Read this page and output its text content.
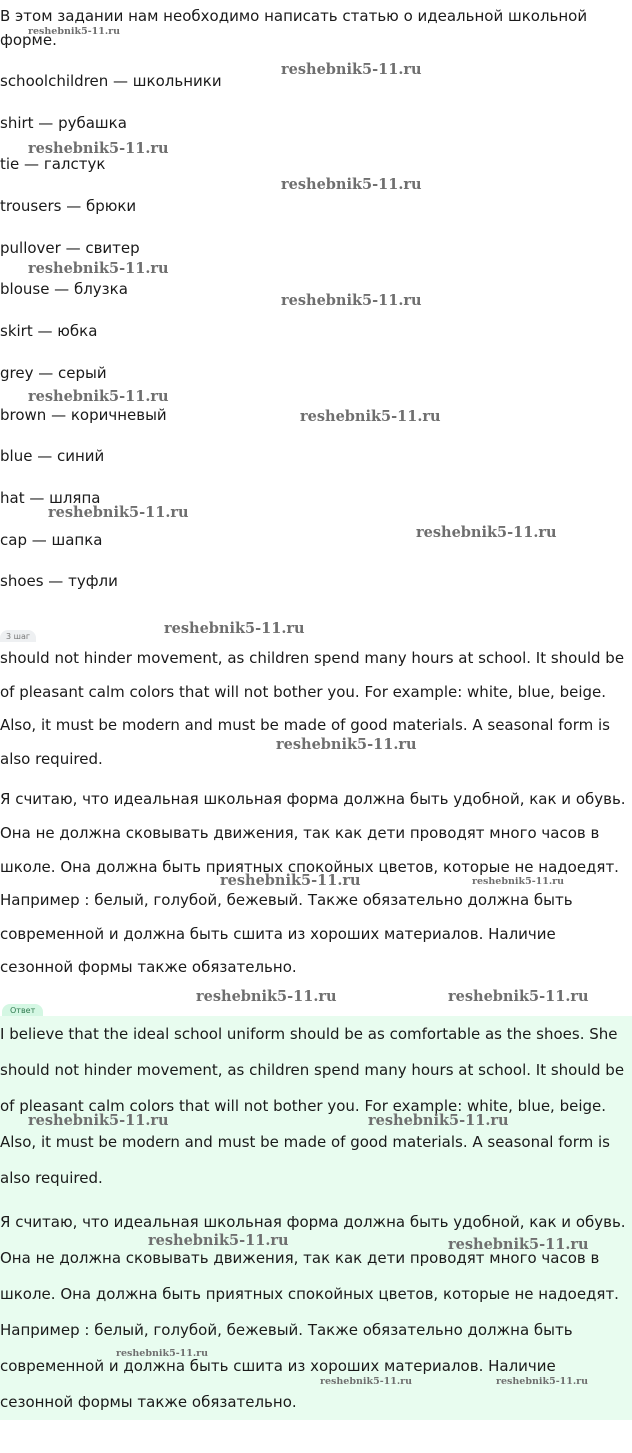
В этом задании нам необходимо написать статью о идеальной школьной форме.
schoolchildren — школьники
shirt — рубашка
tie — галстук
trousers — брюки
pullover — свитер
blouse — блузка
skirt — юбка
grey — серый
brown — коричневый
blue — синий
hat — шляпа
cap — шапка
shoes — туфли
3 шаг

should not hinder movement, as children spend many hours at school. It should be of pleasant calm colors that will not bother you. For example: white, blue, beige. Also, it must be modern and must be made of good materials. A seasonal form is also required.

Я считаю, что идеальная школьная форма должна быть удобной, как и обувь. Она не должна сковывать движения, так как дети проводят много часов в школе. Она должна быть приятных спокойных цветов, которые не надоедят. Например : белый, голубой, бежевый. Также обязательно должна быть современной и должна быть сшита из хороших материалов. Наличие сезонной формы также обязательно.

Ответ

I believe that the ideal school uniform should be as comfortable as the shoes. She should not hinder movement, as children spend many hours at school. It should be of pleasant calm colors that will not bother you. For example: white, blue, beige. Also, it must be modern and must be made of good materials. A seasonal form is also required.

Я считаю, что идеальная школьная форма должна быть удобной, как и обувь. Она не должна сковывать движения, так как дети проводят много часов в школе. Она должна быть приятных спокойных цветов, которые не надоедят. Например : белый, голубой, бежевый. Также обязательно должна быть современной и должна быть сшита из хороших материалов. Наличие сезонной формы также обязательно.

reshebnik5-11.ru
reshebnik5-11.ru
reshebnik5-11.ru
reshebnik5-11.ru
reshebnik5-11.ru
reshebnik5-11.ru
reshebnik5-11.ru
reshebnik5-11.ru
reshebnik5-11.ru
reshebnik5-11.ru
reshebnik5-11.ru
reshebnik5-11.ru
reshebnik5-11.ru	reshebnik5-11.ru
reshebnik5-11.ru	reshebnik5-11.ru
reshebnik5-11.ru	reshebnik5-11.ru
reshebnik5-11.ru	reshebnik5-11.ru
reshebnik5-11.ru
reshebnik5-11.ru	reshebnik5-11.ru
